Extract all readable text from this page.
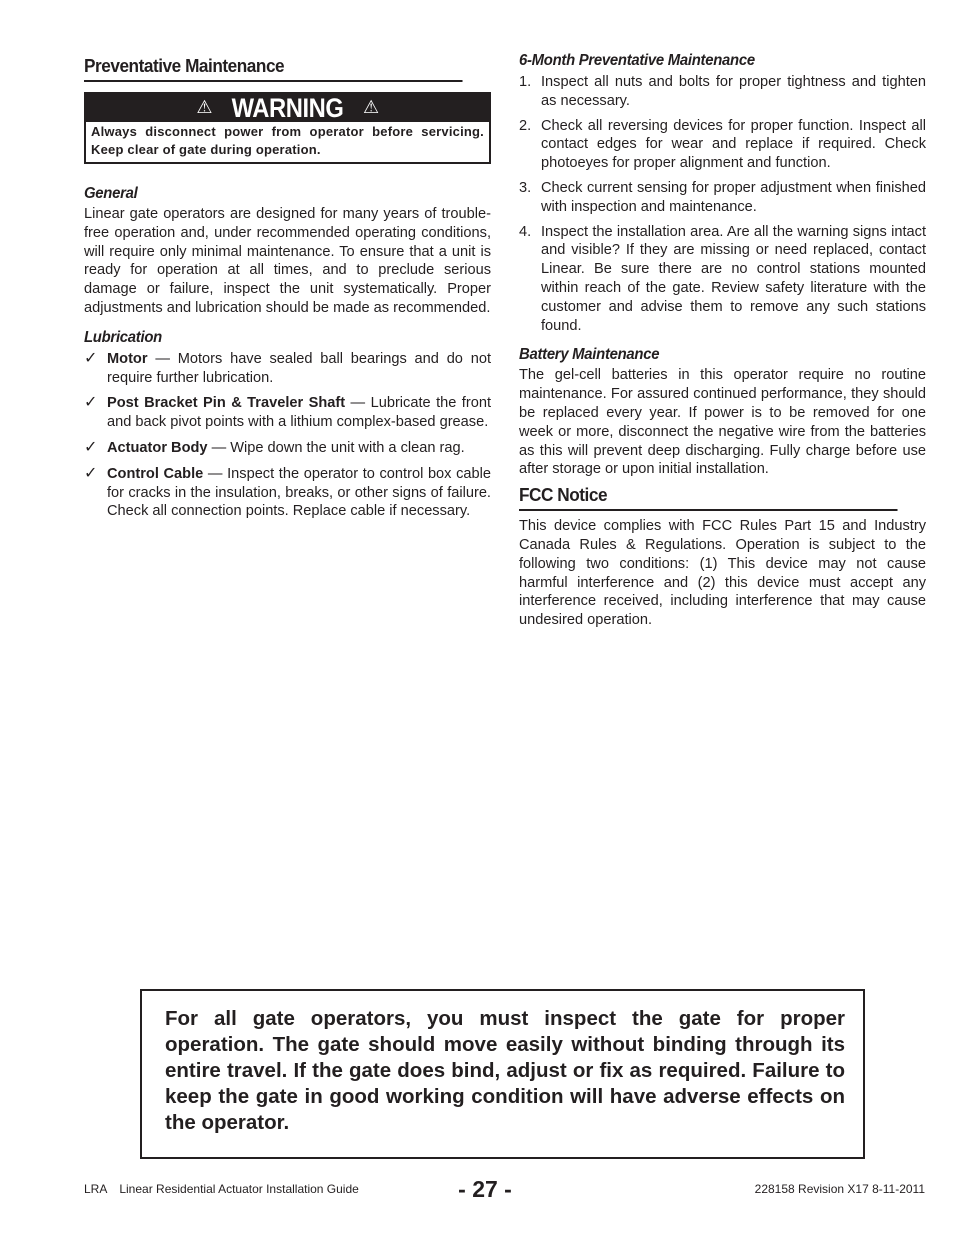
Preventative Maintenance
⚠ WARNING ⚠
Always disconnect power from operator before servicing. Keep clear of gate during operation.
General

Linear gate operators are designed for many years of trouble-free operation and, under recommended operating conditions, will require only minimal maintenance. To ensure that a unit is ready for operation at all times, and to preclude serious damage or failure, inspect the unit systematically. Proper adjustments and lubrication should be made as recommended.

Lubrication
✓ Motor — Motors have sealed ball bearings and do not require further lubrication.
✓ Post Bracket Pin & Traveler Shaft — Lubricate the front and back pivot points with a lithium complex-based grease.
✓ Actuator Body — Wipe down the unit with a clean rag.
✓ Control Cable — Inspect the operator to control box cable for cracks in the insulation, breaks, or other signs of failure. Check all connection points. Replace cable if necessary.
6-Month Preventative Maintenance
1. Inspect all nuts and bolts for proper tightness and tighten as necessary.
2. Check all reversing devices for proper function. Inspect all contact edges for wear and replace if required. Check photoeyes for proper alignment and function.
3. Check current sensing for proper adjustment when finished with inspection and maintenance.
4. Inspect the installation area. Are all the warning signs intact and visible? If they are missing or need replaced, contact Linear. Be sure there are no control stations mounted within reach of the gate. Review safety literature with the customer and advise them to remove any such stations found.
Battery Maintenance

The gel-cell batteries in this operator require no routine maintenance. For assured continued performance, they should be replaced every year. If power is to be removed for one week or more, disconnect the negative wire from the batteries as this will prevent deep discharging. Fully charge before use after storage or upon initial installation.

FCC Notice

This device complies with FCC Rules Part 15 and Industry Canada Rules & Regulations. Operation is subject to the following two conditions: (1) This device may not cause harmful interference and (2) this device must accept any interference received, including interference that may cause undesired operation.

For all gate operators, you must inspect the gate for proper operation. The gate should move easily without binding through its entire travel. If the gate does bind, adjust or fix as required. Failure to keep the gate in good working condition will have adverse effects on the operator.

LRA Linear Residential Actuator Installation Guide	- 27 -	228158 Revision X17 8-11-2011
